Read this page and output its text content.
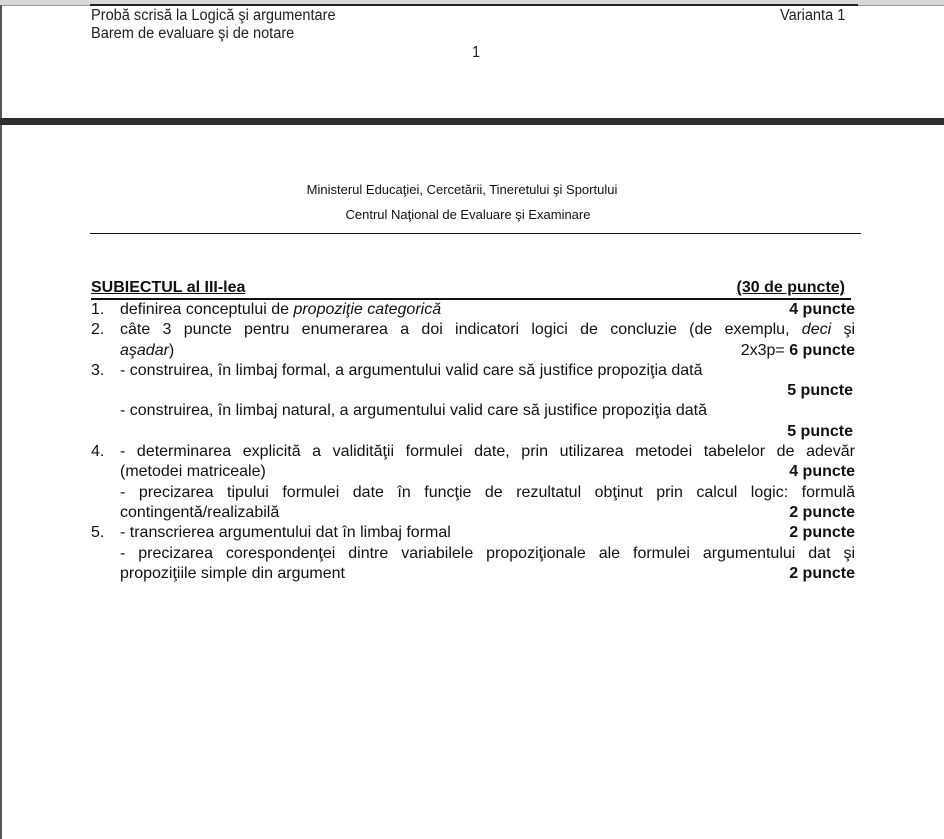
Probă scrisă la Logică şi argumentare
Barem de evaluare şi de notare
Varianta 1
1
Ministerul Educaţiei, Cercetării, Tineretului şi Sportului
Centrul Naţional de Evaluare şi Examinare
SUBIECTUL al III-lea	(30 de puncte)
1. definirea conceptului de propoziţie categorică	4 puncte
2. câte 3 puncte pentru enumerarea a doi indicatori logici de concluzie (de exemplu, deci şi
aşadar)	2x3p= 6 puncte
3. - construirea, în limbaj formal, a argumentului valid care să justifice propoziţia dată
5 puncte
- construirea, în limbaj natural, a argumentului valid care să justifice propoziţia dată
5 puncte
4. - determinarea explicită a validităţii formulei date, prin utilizarea metodei tabelelor de adevăr
(metodei matriceale)	4 puncte
- precizarea tipului formulei date în funcţie de rezultatul obţinut prin calcul logic: formulă
contingentă/realizabilă	2 puncte
5. - transcrierea argumentului dat în limbaj formal	2 puncte
- precizarea corespondenţei dintre variabilele propoziţionale ale formulei argumentului dat şi
propoziţiile simple din argument	2 puncte
